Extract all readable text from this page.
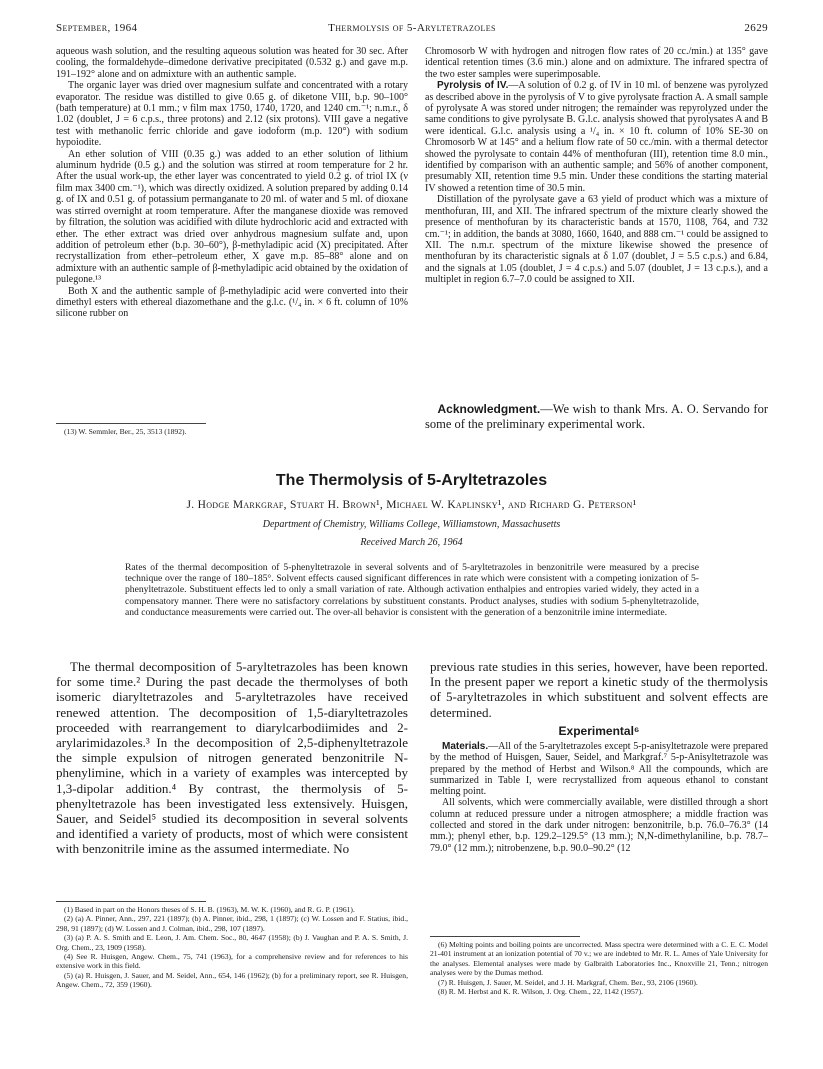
September, 1964	Thermolysis of 5-Aryltetrazoles	2629

aqueous wash solution, and the resulting aqueous solution was heated for 30 sec. After cooling, the formaldehyde–dimedone derivative precipitated (0.532 g.) and gave m.p. 191–192° alone and on admixture with an authentic sample.

The organic layer was dried over magnesium sulfate and concentrated with a rotary evaporator. The residue was distilled to give 0.65 g. of diketone VIII, b.p. 90–100° (bath temperature) at 0.1 mm.; ν film max 1750, 1740, 1720, and 1240 cm.⁻¹; n.m.r., δ 1.02 (doublet, J = 6 c.p.s., three protons) and 2.12 (six protons). VIII gave a negative test with methanolic ferric chloride and gave iodoform (m.p. 120°) with sodium hypoiodite.

An ether solution of VIII (0.35 g.) was added to an ether solution of lithium aluminum hydride (0.5 g.) and the solution was stirred at room temperature for 2 hr. After the usual work-up, the ether layer was concentrated to yield 0.2 g. of triol IX (ν film max 3400 cm.⁻¹), which was directly oxidized. A solution prepared by adding 0.14 g. of IX and 0.51 g. of potassium permanganate to 20 ml. of water and 5 ml. of dioxane was stirred overnight at room temperature. After the manganese dioxide was removed by filtration, the solution was acidified with dilute hydrochloric acid and extracted with ether. The ether extract was dried over anhydrous magnesium sulfate and, upon addition of petroleum ether (b.p. 30–60°), β-methyladipic acid (X) precipitated. After recrystallization from ether–petroleum ether, X gave m.p. 85–88° alone and on admixture with an authentic sample of β-methyladipic acid obtained by the oxidation of pulegone.¹³

Both X and the authentic sample of β-methyladipic acid were converted into their dimethyl esters with ethereal diazomethane and the g.l.c. (¹/₄ in. × 6 ft. column of 10% silicone rubber on

(13) W. Semmler, Ber., 25, 3513 (1892).

Chromosorb W with hydrogen and nitrogen flow rates of 20 cc./min.) at 135° gave identical retention times (3.6 min.) alone and on admixture. The infrared spectra of the two ester samples were superimposable.

Pyrolysis of IV.—A solution of 0.2 g. of IV in 10 ml. of benzene was pyrolyzed as described above in the pyrolysis of V to give pyrolysate fraction A. A small sample of pyrolysate A was stored under nitrogen; the remainder was repyrolyzed under the same conditions to give pyrolysate B. G.l.c. analysis showed that pyrolysates A and B were identical. G.l.c. analysis using a ¹/₄ in. × 10 ft. column of 10% SE-30 on Chromosorb W at 145° and a helium flow rate of 50 cc./min. with a thermal detector showed the pyrolysate to contain 44% of menthofuran (III), retention time 8.0 min., identified by comparison with an authentic sample; and 56% of another component, presumably XII, retention time 9.5 min. Under these conditions the starting material IV showed a retention time of 30.5 min.

Distillation of the pyrolysate gave a 63 yield of product which was a mixture of menthofuran, III, and XII. The infrared spectrum of the mixture clearly showed the presence of menthofuran by its characteristic bands at 1570, 1108, 764, and 732 cm.⁻¹; in addition, the bands at 3080, 1660, 1640, and 888 cm.⁻¹ could be assigned to XII. The n.m.r. spectrum of the mixture likewise showed the presence of menthofuran by its characteristic signals at δ 1.07 (doublet, J = 5.5 c.p.s.) and 6.84, and the signals at 1.05 (doublet, J = 4 c.p.s.) and 5.07 (doublet, J = 13 c.p.s.), and a multiplet in region 6.7–7.0 could be assigned to XII.

 Acknowledgment.—We wish to thank Mrs. A. O. Servando for some of the preliminary experimental work.
The Thermolysis of 5-Aryltetrazoles
J. Hodge Markgraf, Stuart H. Brown¹, Michael W. Kaplinsky¹, and Richard G. Peterson¹
Department of Chemistry, Williams College, Williamstown, Massachusetts
Received March 26, 1964
Rates of the thermal decomposition of 5-phenyltetrazole in several solvents and of 5-aryltetrazoles in benzonitrile were measured by a precise technique over the range of 180–185°. Solvent effects caused significant differences in rate which were consistent with a competing ionization of 5-phenyltetrazole. Substituent effects led to only a small variation of rate. Although activation enthalpies and entropies varied widely, they acted in a compensatory manner. There were no satisfactory correlations by substituent constants. Product analyses, studies with sodium 5-phenyltetrazolide, and conductance measurements were carried out. The over-all behavior is consistent with the generation of a benzonitrile imine intermediate.

The thermal decomposition of 5-aryltetrazoles has been known for some time.² During the past decade the thermolyses of both isomeric diaryltetrazoles and 5-aryltetrazoles have received renewed attention. The decomposition of 1,5-diaryltetrazoles proceeded with rearrangement to diarylcarbodiimides and 2-arylarimidazoles.³ In the decomposition of 2,5-diphenyltetrazole the simple expulsion of nitrogen generated benzonitrile N-phenylimine, which in a variety of examples was intercepted by 1,3-dipolar addition.⁴ By contrast, the thermolysis of 5-phenyltetrazole has been investigated less extensively. Huisgen, Sauer, and Seidel⁵ studied its decomposition in several solvents and identified a variety of products, most of which were consistent with benzonitrile imine as the assumed intermediate. No

(1) Based in part on the Honors theses of S. H. B. (1963), M. W. K. (1960), and R. G. P. (1961).
(2) (a) A. Pinner, Ann., 297, 221 (1897); (b) A. Pinner, ibid., 298, 1 (1897); (c) W. Lossen and F. Statius, ibid., 298, 91 (1897); (d) W. Lossen and J. Colman, ibid., 298, 107 (1897).
(3) (a) P. A. S. Smith and E. Leon, J. Am. Chem. Soc., 80, 4647 (1958); (b) J. Vaughan and P. A. S. Smith, J. Org. Chem., 23, 1909 (1958).
(4) See R. Huisgen, Angew. Chem., 75, 741 (1963), for a comprehensive review and for references to his extensive work in this field.
(5) (a) R. Huisgen, J. Sauer, and M. Seidel, Ann., 654, 146 (1962); (b) for a preliminary report, see R. Huisgen, Angew. Chem., 72, 359 (1960).

previous rate studies in this series, however, have been reported. In the present paper we report a kinetic study of the thermolysis of 5-aryltetrazoles in which substituent and solvent effects are determined.

Experimental⁶

Materials.—All of the 5-aryltetrazoles except 5-p-anisyltetrazole were prepared by the method of Huisgen, Sauer, Seidel, and Markgraf.⁷ 5-p-Anisyltetrazole was prepared by the method of Herbst and Wilson.⁸ All the compounds, which are summarized in Table I, were recrystallized from aqueous ethanol to constant melting point.

All solvents, which were commercially available, were distilled through a short column at reduced pressure under a nitrogen atmosphere; a middle fraction was collected and stored in the dark under nitrogen: benzonitrile, b.p. 76.0–76.3° (14 mm.); phenyl ether, b.p. 129.2–129.5° (13 mm.); N,N-dimethylaniline, b.p. 78.7–79.0° (12 mm.); nitrobenzene, b.p. 90.0–90.2° (12

(6) Melting points and boiling points are uncorrected. Mass spectra were determined with a C. E. C. Model 21-401 instrument at an ionization potential of 70 v.; we are indebted to Mr. R. L. Ames of Yale University for the analyses. Elemental analyses were made by Galbraith Laboratories Inc., Knoxville 21, Tenn.; nitrogen analyses were by the Dumas method.
(7) R. Huisgen, J. Sauer, M. Seidel, and J. H. Markgraf, Chem. Ber., 93, 2106 (1960).
(8) R. M. Herbst and K. R. Wilson, J. Org. Chem., 22, 1142 (1957).
